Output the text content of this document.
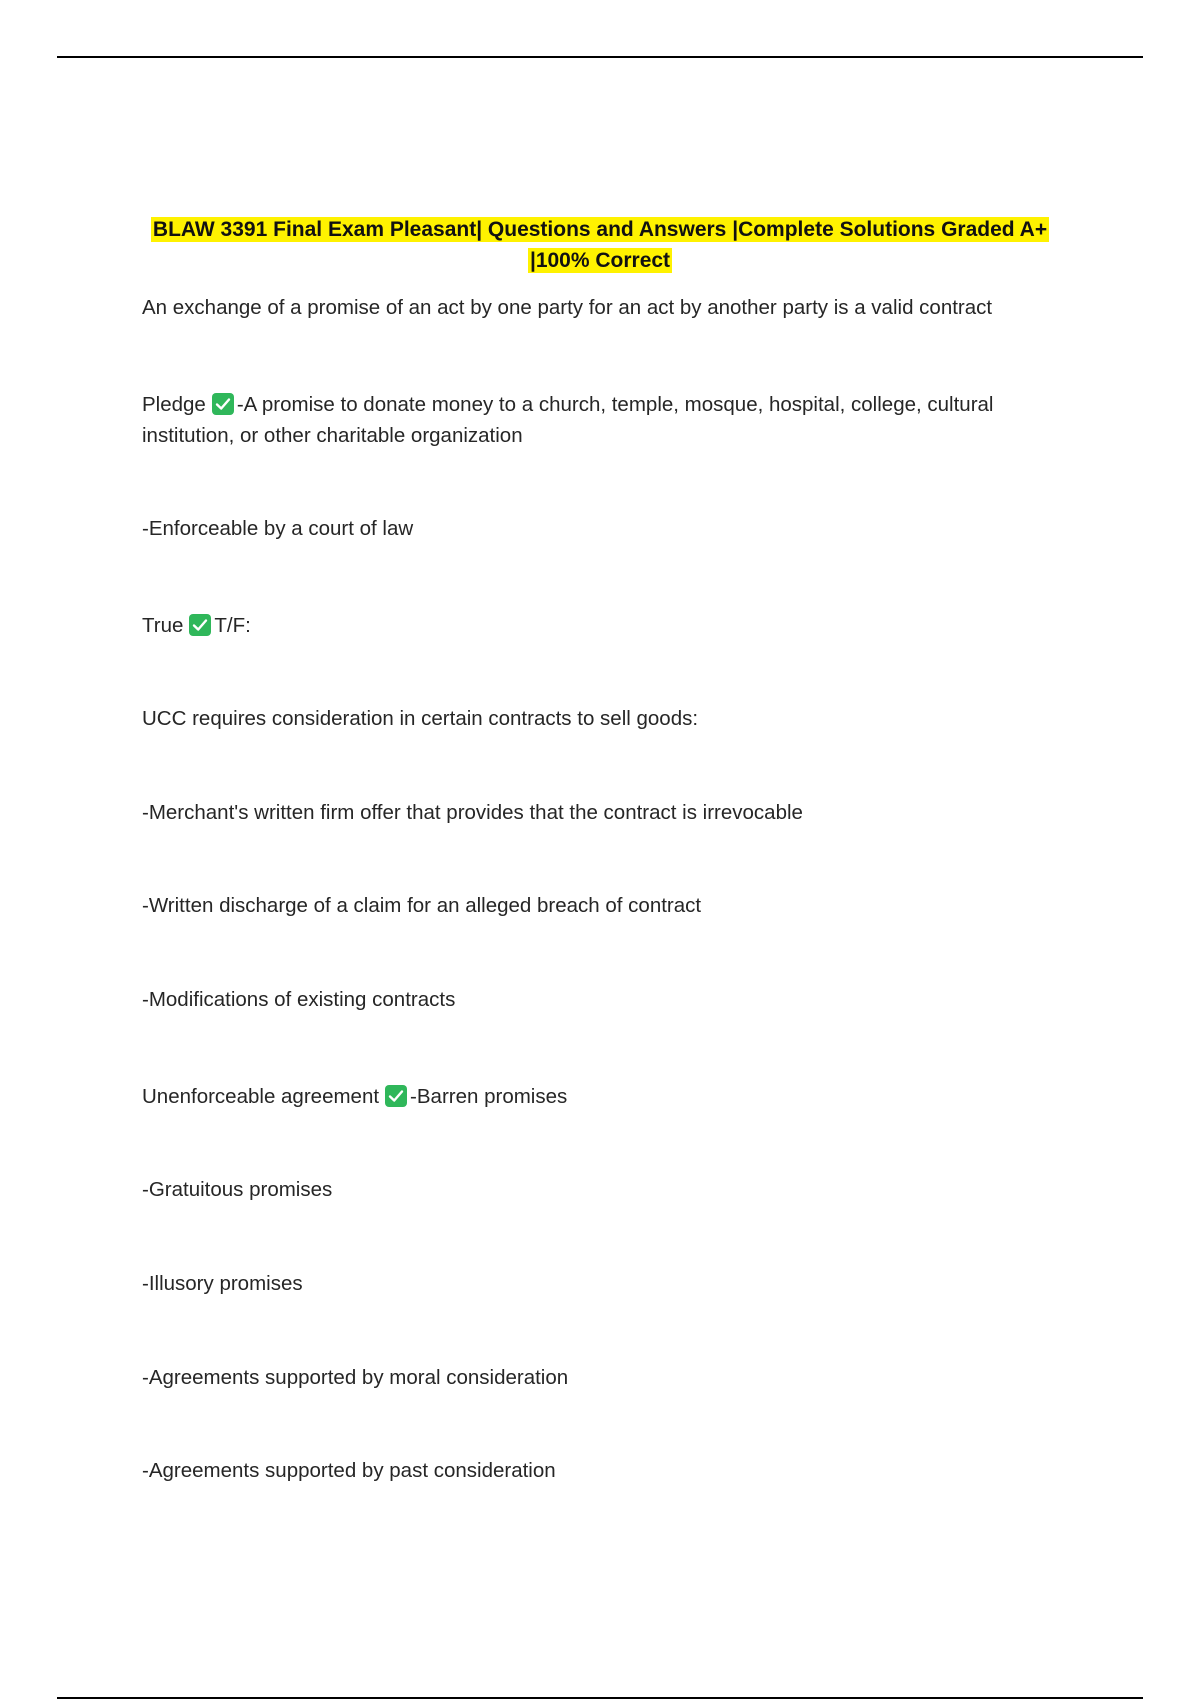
BLAW 3391 Final Exam Pleasant| Questions and Answers |Complete Solutions Graded A+
|100% Correct
An exchange of a promise of an act by one party for an act by another party is a valid contract
Pledge -A promise to donate money to a church, temple, mosque, hospital, college, cultural institution, or other charitable organization
-Enforceable by a court of law
True T/F:
UCC requires consideration in certain contracts to sell goods:
-Merchant's written firm offer that provides that the contract is irrevocable
-Written discharge of a claim for an alleged breach of contract
-Modifications of existing contracts
Unenforceable agreement -Barren promises
-Gratuitous promises
-Illusory promises
-Agreements supported by moral consideration
-Agreements supported by past consideration
